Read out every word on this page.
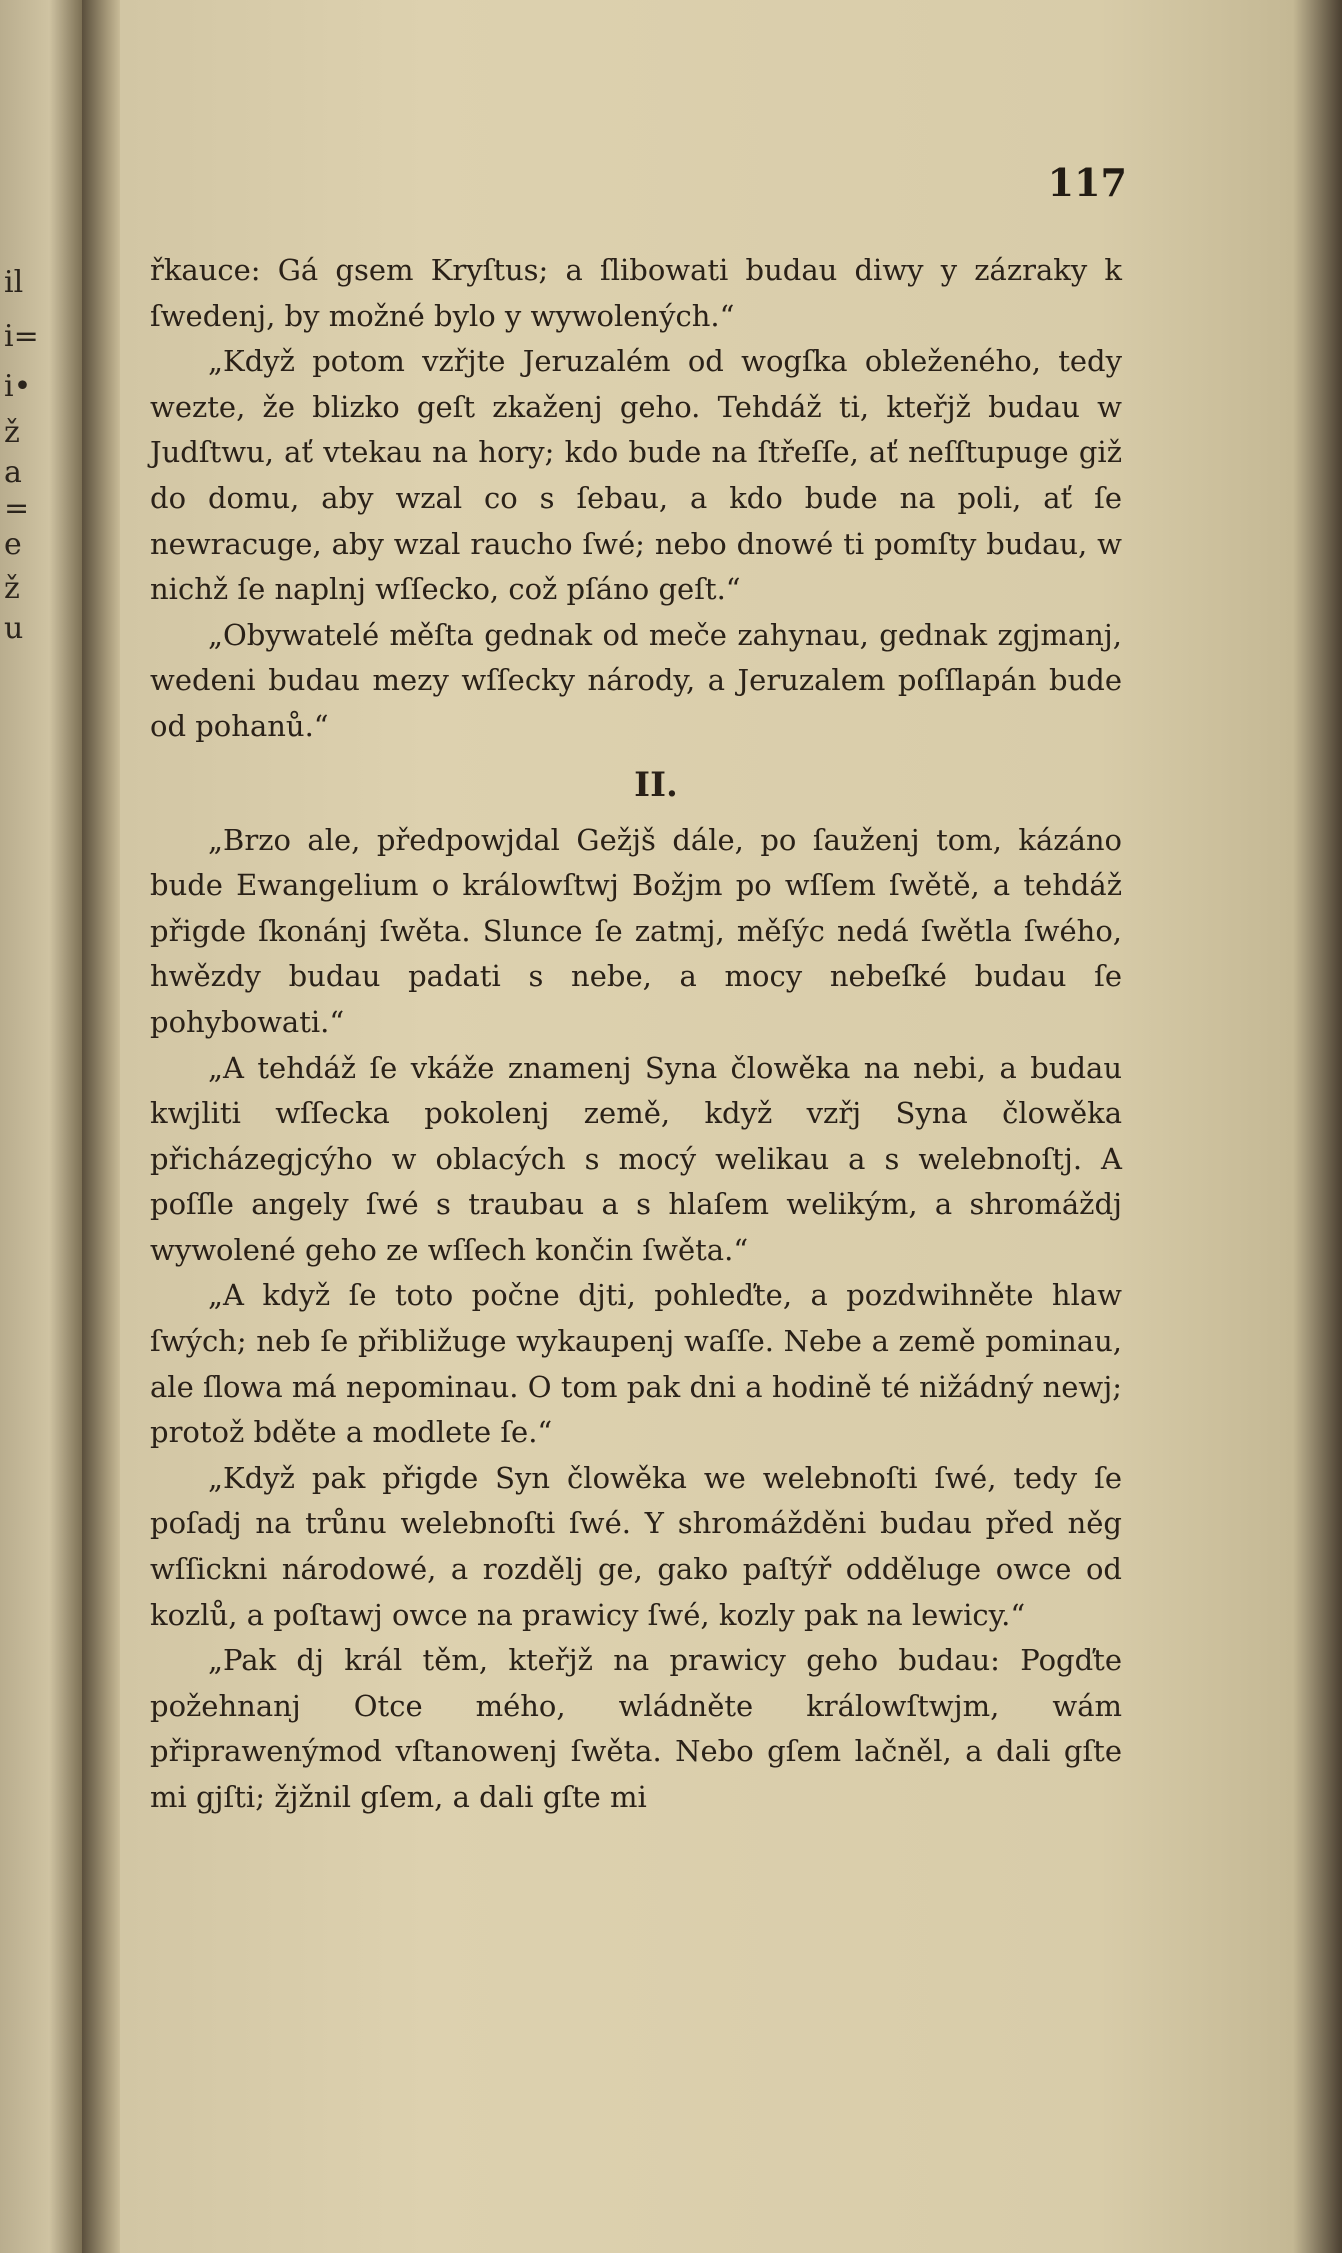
il
i=
i•
ž
a
=
e
ž
u
117

řkauce: Gá gsem Kryſtus; a ſlibowati budau diwy y zázraky k ſwedenj, by možné bylo y wywolených.“

„Když potom vzřjte Jeruzalém od wogſka obleženého, tedy wezte, že blizko geſt zkaženj geho. Tehdáž ti, kteřjž budau w Judſtwu, ať vtekau na hory; kdo bude na ſtřeſſe, ať neſſtupuge giž do domu, aby wzal co s ſebau, a kdo bude na poli, ať ſe newracuge, aby wzal raucho ſwé; nebo dnowé ti pomſty budau, w nichž ſe naplnj wſſecko, což pſáno geſt.“

„Obywatelé měſta gednak od meče zahynau, gednak zgjmanj, wedeni budau mezy wſſecky národy, a Jeruzalem poſſlapán bude od pohanů.“

II.

„Brzo ale, předpowjdal Gežjš dále, po ſauženj tom, kázáno bude Ewangelium o králowſtwj Božjm po wſſem ſwětě, a tehdáž přigde ſkonánj ſwěta. Slunce ſe zatmj, měſýc nedá ſwětla ſwého, hwězdy budau padati s nebe, a mocy nebeſké budau ſe pohybowati.“

„A tehdáž ſe vkáže znamenj Syna člowěka na nebi, a budau kwjliti wſſecka pokolenj země, když vzřj Syna člowěka přicházegjcýho w oblacých s mocý welikau a s welebnoſtj. A poſſle angely ſwé s traubau a s hlaſem welikým, a shromáždj wywolené geho ze wſſech končin ſwěta.“

„A když ſe toto počne djti, pohleďte, a pozdwihněte hlaw ſwých; neb ſe přibližuge wykaupenj waſſe. Nebe a země pominau, ale ſlowa má nepominau. O tom pak dni a hodině té nižádný newj; protož bděte a modlete ſe.“

„Když pak přigde Syn člowěka we welebnoſti ſwé, tedy ſe poſadj na trůnu welebnoſti ſwé. Y shromážděni budau před něg wſſickni národowé, a rozdělj ge, gako paſtýř odděluge owce od kozlů, a poſtawj owce na prawicy ſwé, kozly pak na lewicy.“

„Pak dj král těm, kteřjž na prawicy geho budau: Pogďte požehnanj Otce mého, wládněte králowſtwjm, wám připrawenýmod vſtanowenj ſwěta. Nebo gſem lačněl, a dali gſte mi gjſti; žjžnil gſem, a dali gſte mi
